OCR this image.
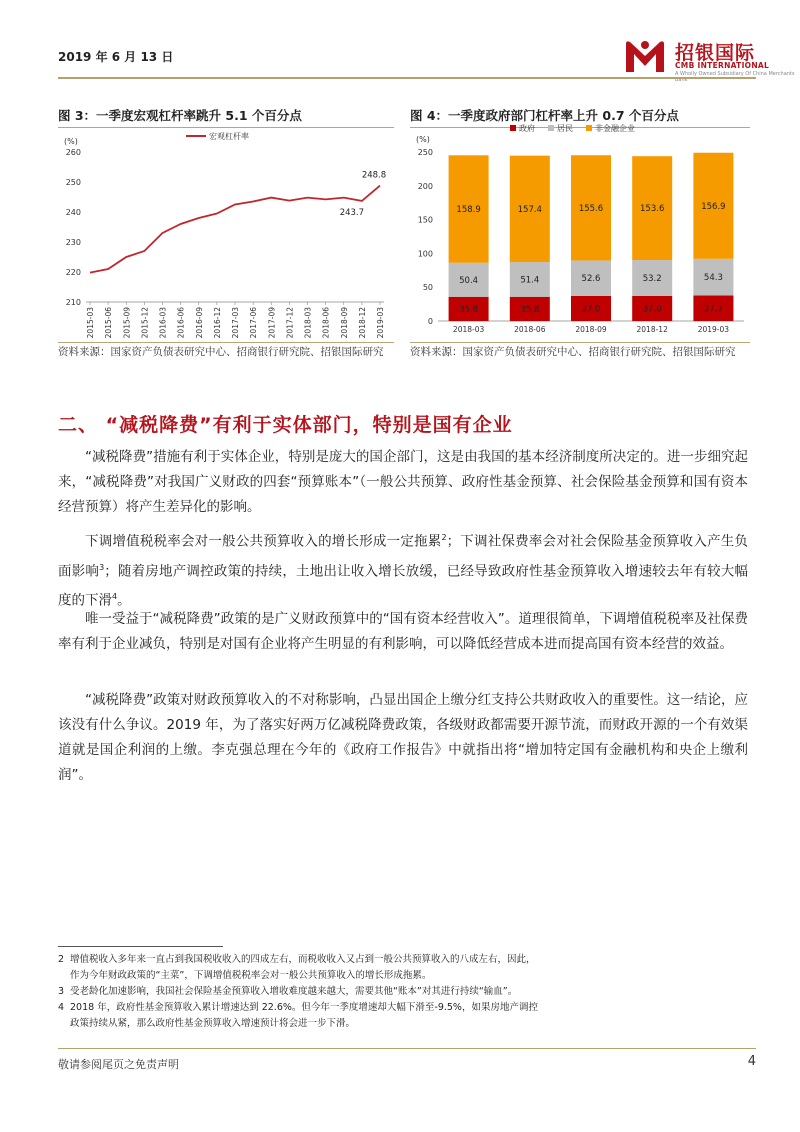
2019 年 6 月 13 日	招银国际
CMB INTERNATIONAL
A Wholly Owned Subsidiary Of China Merchants Bank
图 3：一季度宏观杠杆率跳升 5.1 个百分点
(%)
宏观杠杆率
260
250
240
230
220
210
2015-03 2015-06 2015-09 2015-12 2016-03 2016-06 2016-09 2016-12 2017-03 2017-06 2017-09 2017-12 2018-03 2018-06 2018-09 2018-12 2019-03
243.7
248.8
资料来源：国家资产负债表研究中心、招商银行研究院、招银国际研究
图 4：一季度政府部门杠杆率上升 0.7 个百分点
(%)
政府	居民	非金融企业
250
200
150
100
50
0
35.8
50.4
158.9
2018-03
35.8
51.4
157.4
2018-06
37.0
52.6
155.6
2018-09
37.0
53.2
153.6
2018-12
37.7
54.3
156.9
2019-03
资料来源：国家资产负债表研究中心、招商银行研究院、招银国际研究
二、 “减税降费”有利于实体部门，特别是国有企业
“减税降费”措施有利于实体企业，特别是庞大的国企部门，这是由我国的基本经济制度所决定的。进一步细究起来，“减税降费”对我国广义财政的四套“预算账本”（一般公共预算、政府性基金预算、社会保险基金预算和国有资本经营预算）将产生差异化的影响。
下调增值税税率会对一般公共预算收入的增长形成一定拖累$^2$；下调社保费率会对社会保险基金预算收入产生负面影响$^3$；随着房地产调控政策的持续，土地出让收入增长放缓，已经导致政府性基金预算收入增速较去年有较大幅度的下滑$^4$。
唯一受益于“减税降费”政策的是广义财政预算中的“国有资本经营收入”。道理很简单，下调增值税税率及社保费率有利于企业减负，特别是对国有企业将产生明显的有利影响，可以降低经营成本进而提高国有资本经营的效益。
“减税降费”政策对财政预算收入的不对称影响，凸显出国企上缴分红支持公共财政收入的重要性。这一结论，应该没有什么争议。2019 年，为了落实好两万亿减税降费政策，各级财政都需要开源节流，而财政开源的一个有效渠道就是国企利润的上缴。李克强总理在今年的《政府工作报告》中就指出将“增加特定国有金融机构和央企上缴利润”。
2 增值税收入多年来一直占到我国税收收入的四成左右，而税收收入又占到一般公共预算收入的八成左右，因此，
作为今年财政政策的“主菜”，下调增值税税率会对一般公共预算收入的增长形成拖累。
3 受老龄化加速影响，我国社会保险基金预算收入增收难度越来越大，需要其他“账本”对其进行持续“输血”。
4 2018 年，政府性基金预算收入累计增速达到 22.6%。但今年一季度增速却大幅下滑至-9.5%，如果房地产调控
政策持续从紧，那么政府性基金预算收入增速预计将会进一步下滑。
敬请参阅尾页之免责声明	4
